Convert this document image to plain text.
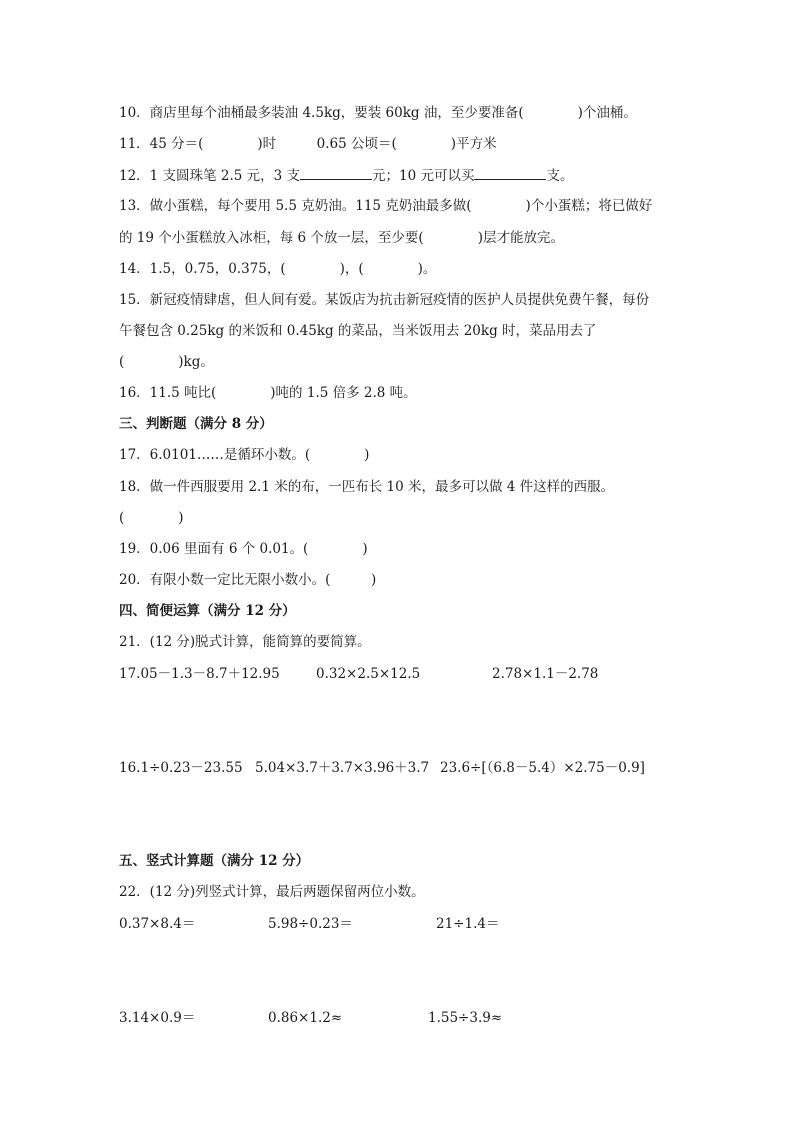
10．商店里每个油桶最多装油 4.5kg，要装 60kg 油，至少要准备(　　　　)个油桶。
11．45 分＝(　　　　)时　　　0.65 公顷＝(　　　　)平方米
12．1 支圆珠笔 2.5 元，3 支	元；10 元可以买	支。
13．做小蛋糕，每个要用 5.5 克奶油。115 克奶油最多做(　　　　)个小蛋糕；将已做好
的 19 个小蛋糕放入冰柜，每 6 个放一层，至少要(　　　　)层才能放完。
14．1.5，0.75，0.375，(　　　　)，(　　　　)。
15．新冠疫情肆虐，但人间有爱。某饭店为抗击新冠疫情的医护人员提供免费午餐，每份
午餐包含 0.25kg 的米饭和 0.45kg 的菜品，当米饭用去 20kg 时，菜品用去了
(　　　　)kg。
16．11.5 吨比(　　　　)吨的 1.5 倍多 2.8 吨。
三、判断题（满分 8 分）
17．6.0101……是循环小数。(　　　　)
18．做一件西服要用 2.1 米的布，一匹布长 10 米，最多可以做 4 件这样的西服。
(　　　　)
19．0.06 里面有 6 个 0.01。(　　　　)
20．有限小数一定比无限小数小。(　　　)
四、简便运算（满分 12 分）
21．(12 分)脱式计算，能简算的要简算。
17.05－1.3－8.7＋12.95	0.32×2.5×12.5	2.78×1.1－2.78
16.1÷0.23－23.55 5.04×3.7＋3.7×3.96＋3.7 23.6÷[（6.8－5.4）×2.75－0.9]
五、竖式计算题（满分 12 分）
22．(12 分)列竖式计算，最后两题保留两位小数。
0.37×8.4＝	5.98÷0.23＝	21÷1.4＝
3.14×0.9＝	0.86×1.2≈	1.55÷3.9≈
